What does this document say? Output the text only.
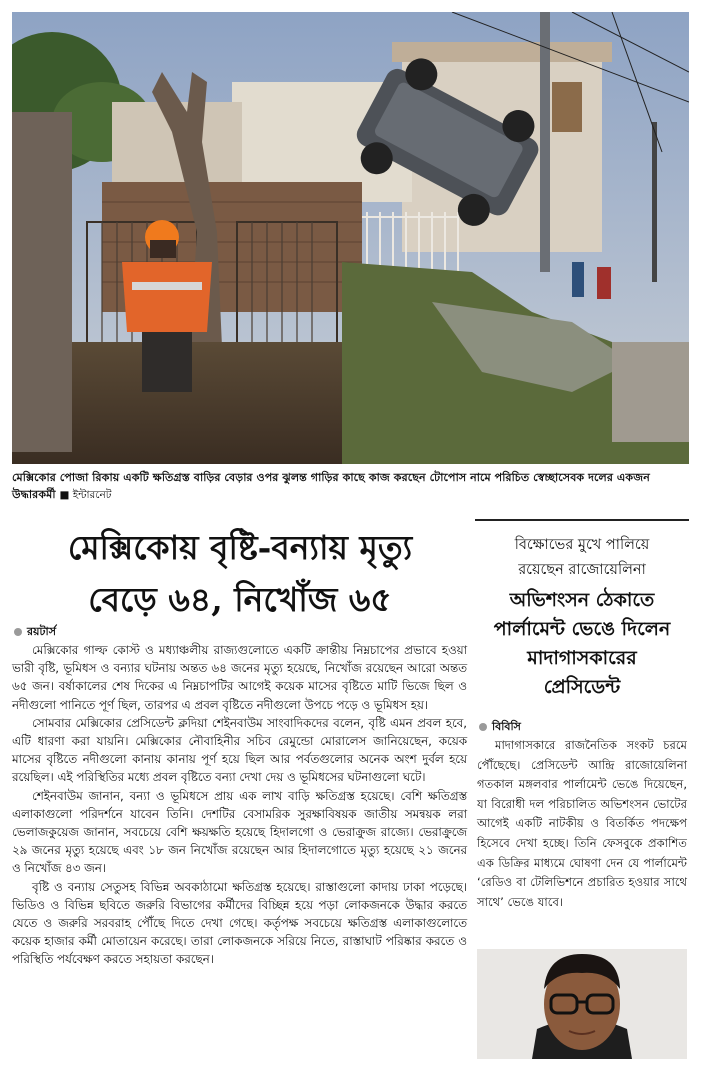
মেক্সিকোর পোজা রিকায় একটি ক্ষতিগ্রস্ত বাড়ির বেড়ার ওপর ঝুলন্ত গাড়ির কাছে কাজ করছেন টোপোস নামে পরিচিত স্বেচ্ছাসেবক দলের একজন উদ্ধারকর্মী ■ ইন্টারনেট
মেক্সিকোয় বৃষ্টি-বন্যায় মৃত্যু
বেড়ে ৬৪, নিখোঁজ ৬৫
রয়টার্স

মেক্সিকোর গাল্ফ কোস্ট ও মধ্যাঞ্চলীয় রাজ্যগুলোতে একটি ক্রান্তীয় নিম্নচাপের প্রভাবে হওয়া ভারী বৃষ্টি, ভূমিধস ও বন্যার ঘটনায় অন্তত ৬৪ জনের মৃত্যু হয়েছে, নিখোঁজ রয়েছেন আরো অন্তত ৬৫ জন। বর্ষাকালের শেষ দিকের এ নিম্নচাপটির আগেই কয়েক মাসের বৃষ্টিতে মাটি ভিজে ছিল ও নদীগুলো পানিতে পূর্ণ ছিল, তারপর এ প্রবল বৃষ্টিতে নদীগুলো উপচে পড়ে ও ভূমিধস হয়।

সোমবার মেক্সিকোর প্রেসিডেন্ট ক্লদিয়া শেইনবাউম সাংবাদিকদের বলেন, বৃষ্টি এমন প্রবল হবে, এটি ধারণা করা যায়নি। মেক্সিকোর নৌবাহিনীর সচিব রেমুন্ডো মোরালেস জানিয়েছেন, কয়েক মাসের বৃষ্টিতে নদীগুলো কানায় কানায় পূর্ণ হয়ে ছিল আর পর্বতগুলোর অনেক অংশ দুর্বল হয়ে রয়েছিল। এই পরিস্থিতির মধ্যে প্রবল বৃষ্টিতে বন্যা দেখা দেয় ও ভূমিধসের ঘটনাগুলো ঘটে।

শেইনবাউম জানান, বন্যা ও ভূমিধসে প্রায় এক লাখ বাড়ি ক্ষতিগ্রস্ত হয়েছে। বেশি ক্ষতিগ্রস্ত এলাকাগুলো পরিদর্শনে যাবেন তিনি। দেশটির বেসামরিক সুরক্ষাবিষয়ক জাতীয় সমন্বয়ক লরা ভেলাজকুয়েজ জানান, সবচেয়ে বেশি ক্ষয়ক্ষতি হয়েছে হিদালগো ও ভেরাক্রুজ রাজ্যে। ভেরাক্রুজে ২৯ জনের মৃত্যু হয়েছে এবং ১৮ জন নিখোঁজ রয়েছেন আর হিদালগোতে মৃত্যু হয়েছে ২১ জনের ও নিখোঁজ ৪৩ জন।

বৃষ্টি ও বন্যায় সেতুসহ বিভিন্ন অবকাঠামো ক্ষতিগ্রস্ত হয়েছে। রাস্তাগুলো কাদায় ঢাকা পড়েছে। ভিডিও ও বিভিন্ন ছবিতে জরুরি বিভাগের কর্মীদের বিচ্ছিন্ন হয়ে পড়া লোকজনকে উদ্ধার করতে যেতে ও জরুরি সরবরাহ পৌঁছে দিতে দেখা গেছে। কর্তৃপক্ষ সবচেয়ে ক্ষতিগ্রস্ত এলাকাগুলোতে কয়েক হাজার কর্মী মোতায়েন করেছে। তারা লোকজনকে সরিয়ে নিতে, রাস্তাঘাট পরিষ্কার করতে ও পরিস্থিতি পর্যবেক্ষণ করতে সহায়তা করছেন।

বিক্ষোভের মুখে পালিয়ে
রয়েছেন রাজোয়েলিনা
অভিশংসন ঠেকাতে
পার্লামেন্ট ভেঙে দিলেন
মাদাগাসকারের
প্রেসিডেন্ট
বিবিসি

মাদাগাসকারে রাজনৈতিক সংকট চরমে পৌঁছেছে। প্রেসিডেন্ট আন্দ্রি রাজোয়েলিনা গতকাল মঙ্গলবার পার্লামেন্ট ভেঙে দিয়েছেন, যা বিরোধী দল পরিচালিত অভিশংসন ভোটের আগেই একটি নাটকীয় ও বিতর্কিত পদক্ষেপ হিসেবে দেখা হচ্ছে। তিনি ফেসবুকে প্রকাশিত এক ডিক্রির মাধ্যমে ঘোষণা দেন যে পার্লামেন্ট ‘রেডিও বা টেলিভিশনে প্রচারিত হওয়ার সাথে সাথে’ ভেঙে যাবে।
